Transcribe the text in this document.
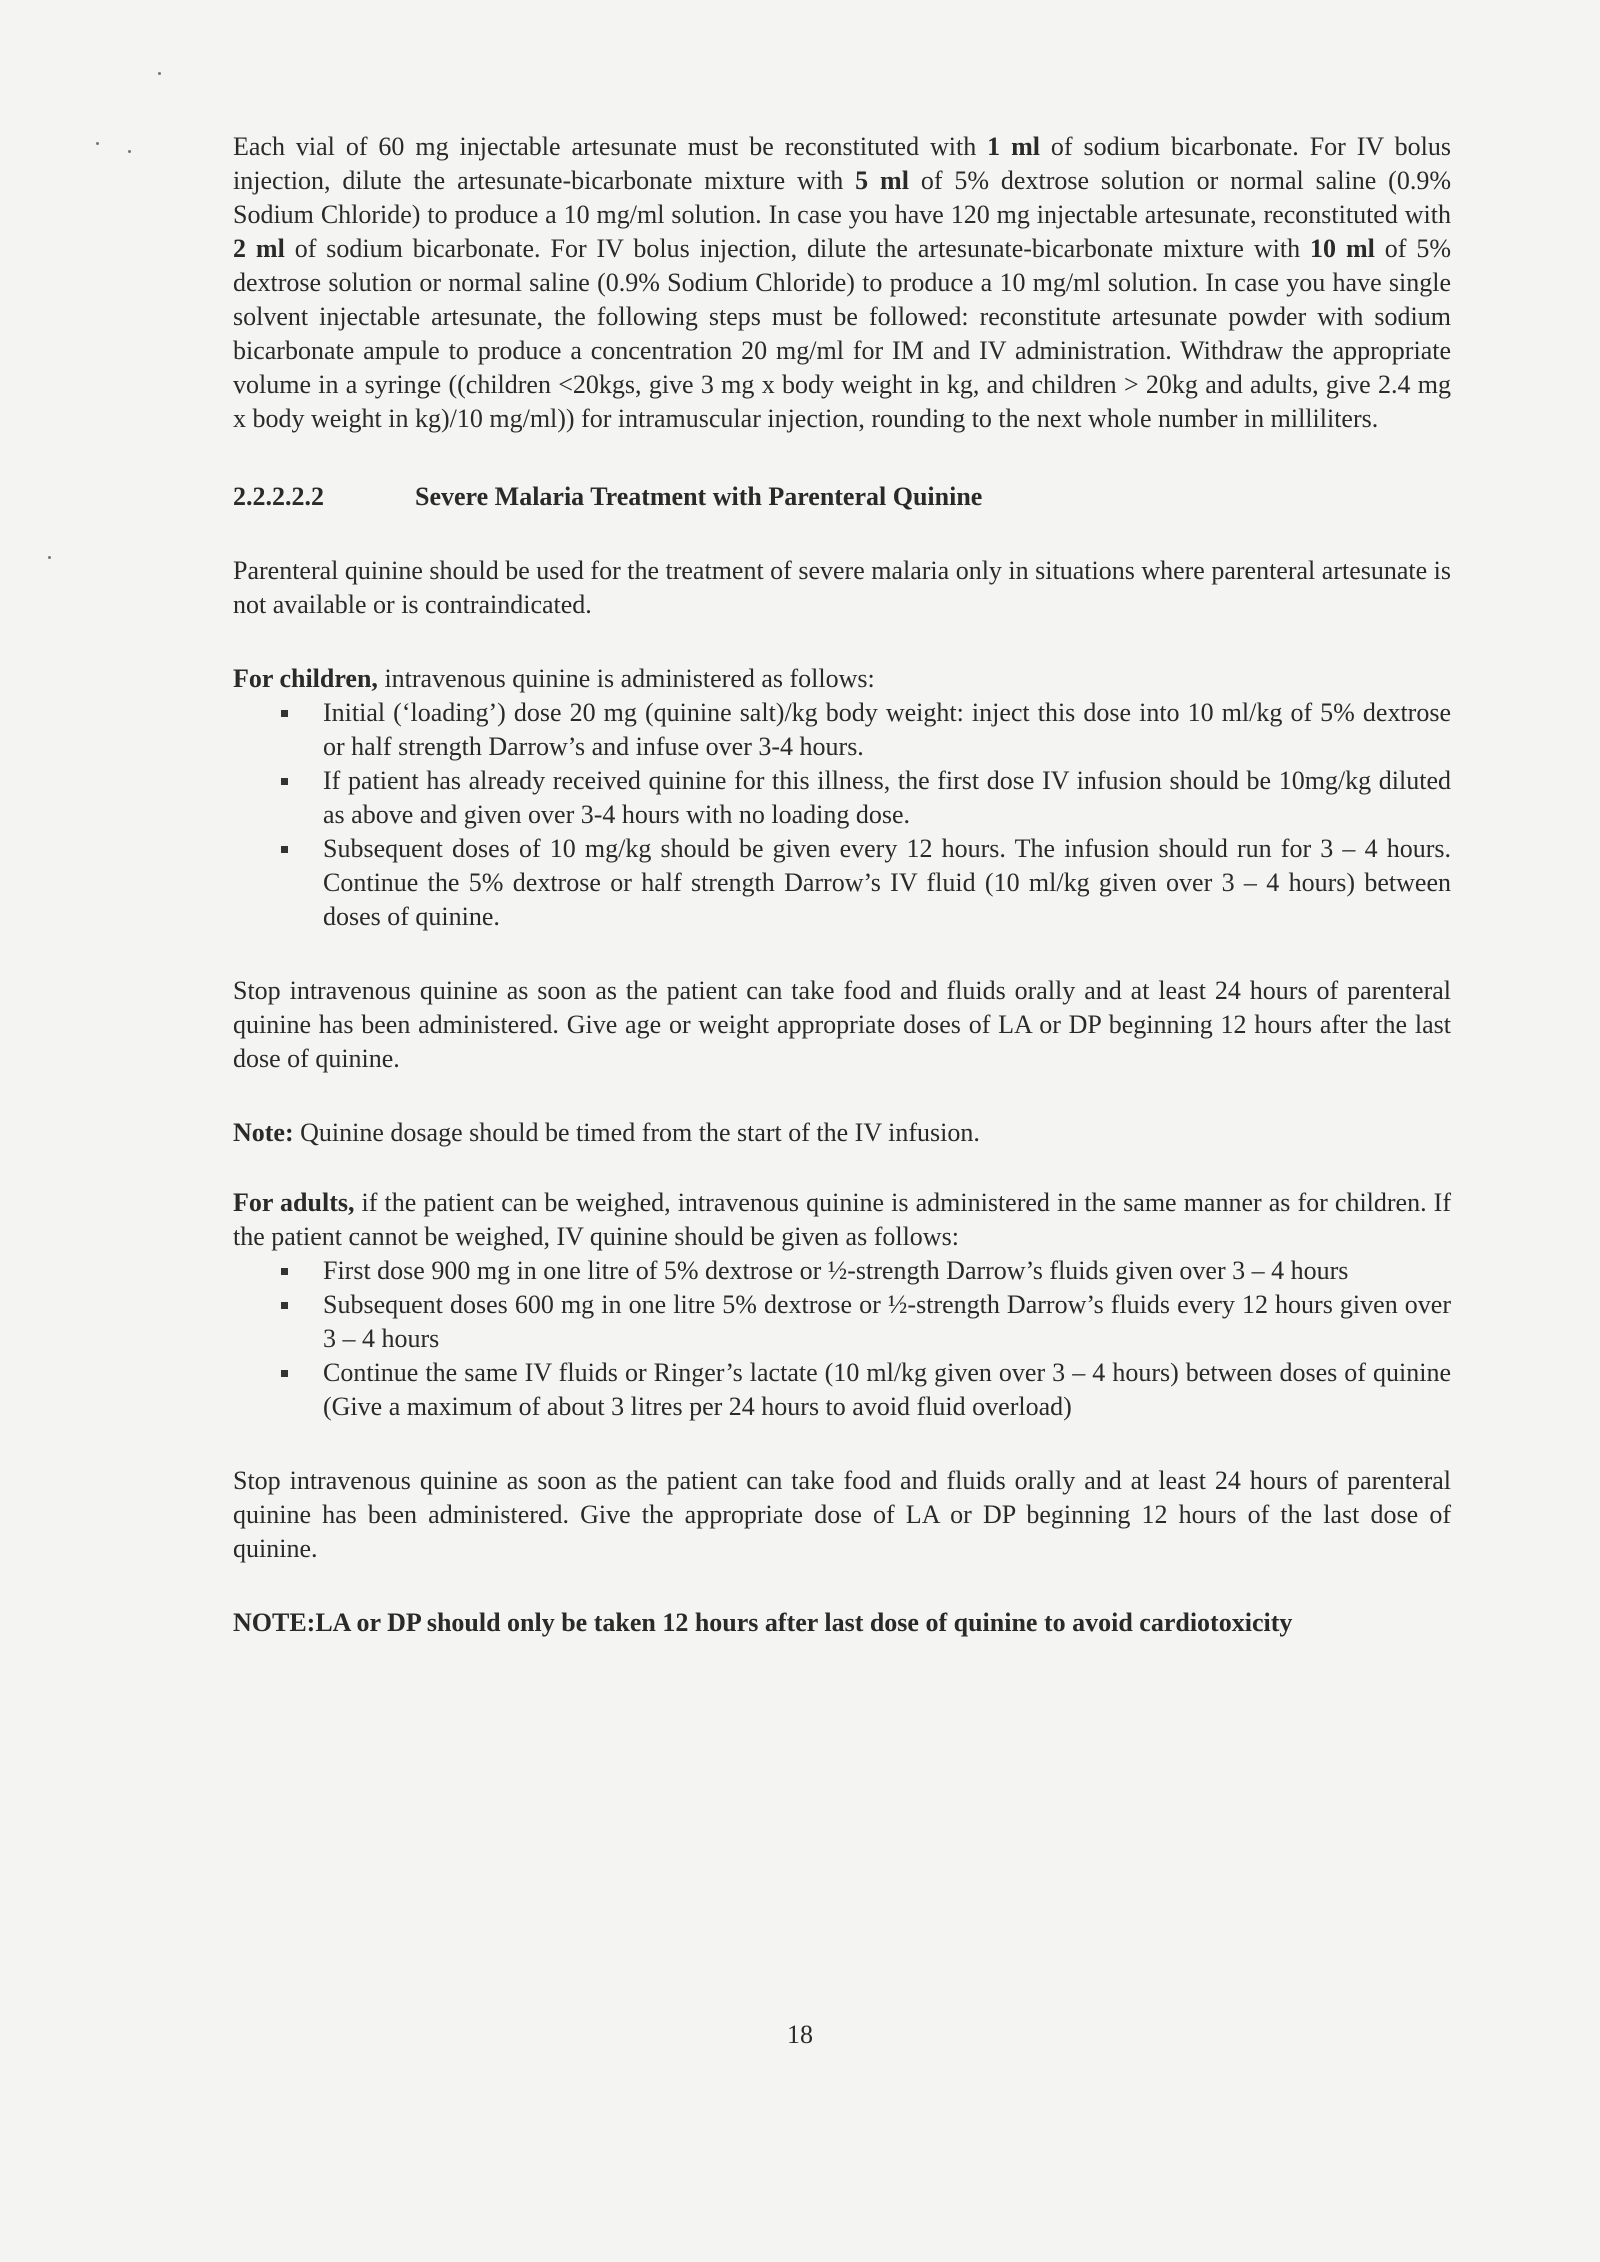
Each vial of 60 mg injectable artesunate must be reconstituted with 1 ml of sodium bicarbonate. For IV bolus injection, dilute the artesunate-bicarbonate mixture with 5 ml of 5% dextrose solution or normal saline (0.9% Sodium Chloride) to produce a 10 mg/ml solution. In case you have 120 mg injectable artesunate, reconstituted with 2 ml of sodium bicarbonate. For IV bolus injection, dilute the artesunate-bicarbonate mixture with 10 ml of 5% dextrose solution or normal saline (0.9% Sodium Chloride) to produce a 10 mg/ml solution. In case you have single solvent injectable artesunate, the following steps must be followed: reconstitute artesunate powder with sodium bicarbonate ampule to produce a concentration 20 mg/ml for IM and IV administration. Withdraw the appropriate volume in a syringe ((children <20kgs, give 3 mg x body weight in kg, and children > 20kg and adults, give 2.4 mg x body weight in kg)/10 mg/ml)) for intramuscular injection, rounding to the next whole number in milliliters.

2.2.2.2.2	Severe Malaria Treatment with Parenteral Quinine

Parenteral quinine should be used for the treatment of severe malaria only in situations where parenteral artesunate is not available or is contraindicated.

For children, intravenous quinine is administered as follows:

Initial (‘loading’) dose 20 mg (quinine salt)/kg body weight: inject this dose into 10 ml/kg of 5% dextrose or half strength Darrow’s and infuse over 3-4 hours.
If patient has already received quinine for this illness, the first dose IV infusion should be 10mg/kg diluted as above and given over 3-4 hours with no loading dose.
Subsequent doses of 10 mg/kg should be given every 12 hours. The infusion should run for 3 – 4 hours. Continue the 5% dextrose or half strength Darrow’s IV fluid (10 ml/kg given over 3 – 4 hours) between doses of quinine.

Stop intravenous quinine as soon as the patient can take food and fluids orally and at least 24 hours of parenteral quinine has been administered. Give age or weight appropriate doses of LA or DP beginning 12 hours after the last dose of quinine.

Note: Quinine dosage should be timed from the start of the IV infusion.

For adults, if the patient can be weighed, intravenous quinine is administered in the same manner as for children. If the patient cannot be weighed, IV quinine should be given as follows:

First dose 900 mg in one litre of 5% dextrose or ½-strength Darrow’s fluids given over 3 – 4 hours
Subsequent doses 600 mg in one litre 5% dextrose or ½-strength Darrow’s fluids every 12 hours given over 3 – 4 hours
Continue the same IV fluids or Ringer’s lactate (10 ml/kg given over 3 – 4 hours) between doses of quinine (Give a maximum of about 3 litres per 24 hours to avoid fluid overload)

Stop intravenous quinine as soon as the patient can take food and fluids orally and at least 24 hours of parenteral quinine has been administered. Give the appropriate dose of LA or DP beginning 12 hours of the last dose of quinine.

NOTE:LA or DP should only be taken 12 hours after last dose of quinine to avoid cardiotoxicity

18
